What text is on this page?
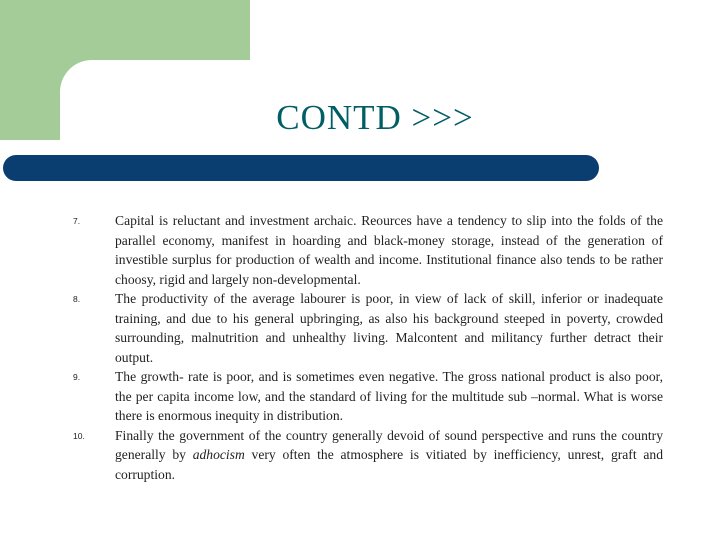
CONTD >>>
7.	Capital is reluctant and investment archaic. Reources have a tendency to slip into the folds of the parallel economy, manifest in hoarding and black-money storage, instead of the generation of investible surplus for production of wealth and income. Institutional finance also tends to be rather choosy, rigid and largely non-developmental.
8.	The productivity of the average labourer is poor, in view of lack of skill, inferior or inadequate training, and due to his general upbringing, as also his background steeped in poverty, crowded surrounding, malnutrition and unhealthy living. Malcontent and militancy further detract their output.
9.	The growth- rate is poor, and is sometimes even negative. The gross national product is also poor, the per capita income low, and the standard of living for the multitude sub –normal. What is worse there is enormous inequity in distribution.
10. Finally the government of the country generally devoid of sound perspective and runs the country generally by adhocism very often the atmosphere is vitiated by inefficiency, unrest, graft and corruption.
